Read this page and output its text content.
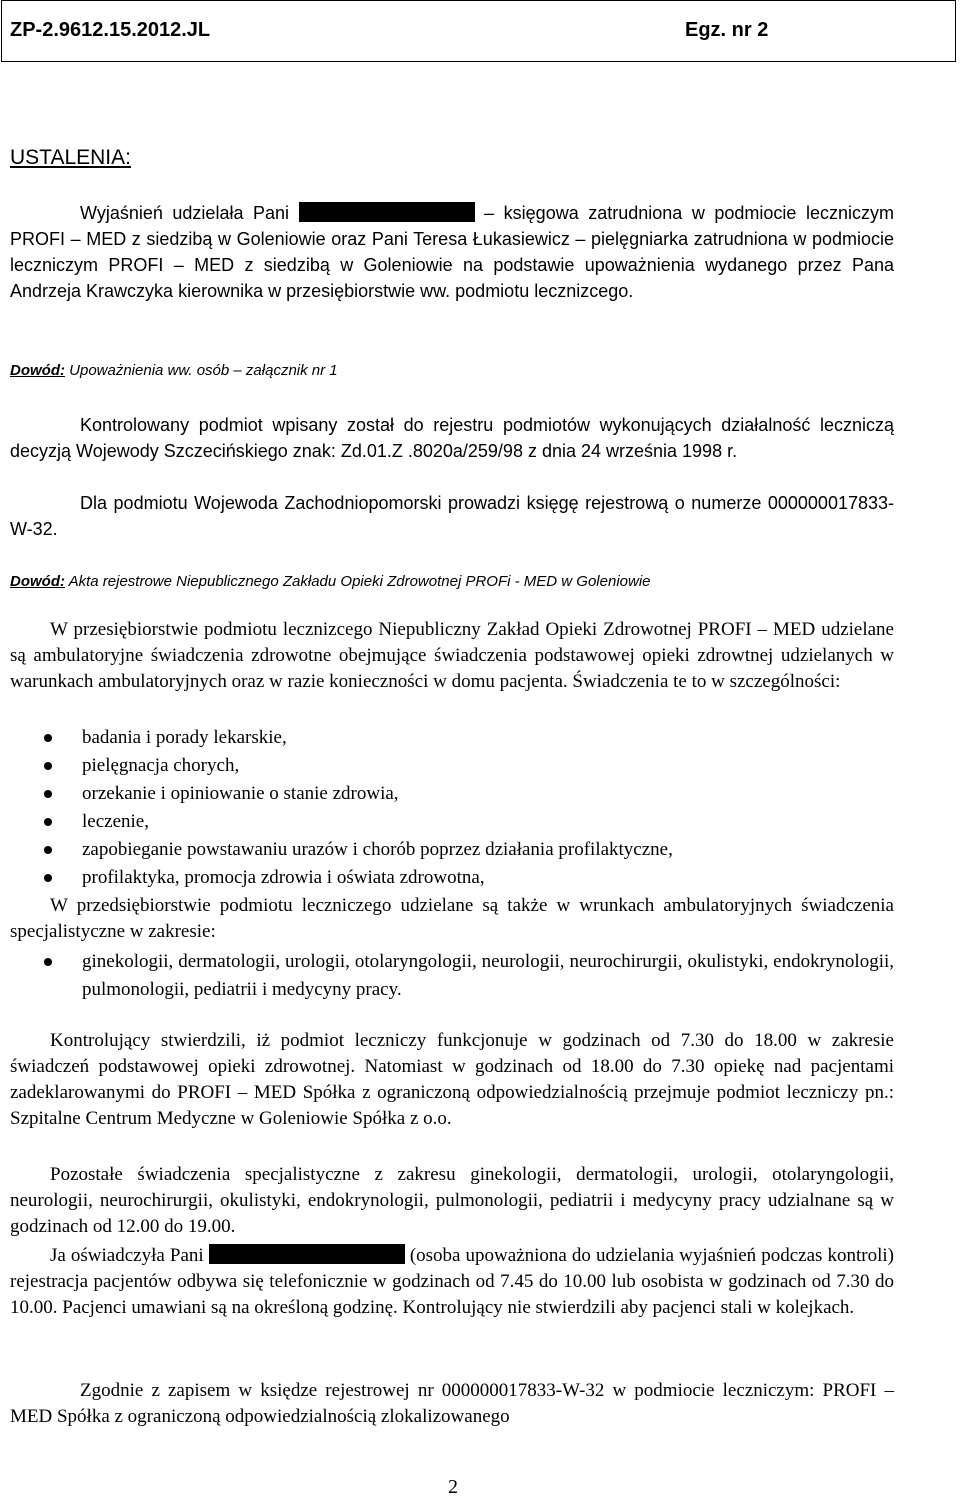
ZP-2.9612.15.2012.JL	Egz. nr 2
USTALENIA:
Wyjaśnień udzielała Pani	– księgowa zatrudniona w podmiocie leczniczym PROFI – MED z siedzibą w Goleniowie oraz Pani Teresa Łukasiewicz – pielęgniarka zatrudniona w podmiocie leczniczym PROFI – MED z siedzibą w Goleniowie na podstawie upoważnienia wydanego przez Pana Andrzeja Krawczyka kierownika w przesiębiorstwie ww. podmiotu lecznizcego.
Dowód: Upoważnienia ww. osób – załącznik nr 1
Kontrolowany podmiot wpisany został do rejestru podmiotów wykonujących działalność leczniczą decyzją Wojewody Szczecińskiego znak: Zd.01.Z .8020a/259/98 z dnia 24 września 1998 r.
Dla podmiotu Wojewoda Zachodniopomorski prowadzi księgę rejestrową o numerze 000000017833-W-32.
Dowód: Akta rejestrowe Niepublicznego Zakładu Opieki Zdrowotnej PROFi - MED w Goleniowie
W przesiębiorstwie podmiotu lecznizcego Niepubliczny Zakład Opieki Zdrowotnej PROFI – MED udzielane są ambulatoryjne świadczenia zdrowotne obejmujące świadczenia podstawowej opieki zdrowtnej udzielanych w warunkach ambulatoryjnych oraz w razie konieczności w domu pacjenta. Świadczenia te to w szczególności:
badania i porady lekarskie,
pielęgnacja chorych,
orzekanie i opiniowanie o stanie zdrowia,
leczenie,
zapobieganie powstawaniu urazów i chorób poprzez działania profilaktyczne,
profilaktyka, promocja zdrowia i oświata zdrowotna,
W przedsiębiorstwie podmiotu leczniczego udzielane są także w wrunkach ambulatoryjnych świadczenia specjalistyczne w zakresie:
ginekologii, dermatologii, urologii, otolaryngologii, neurologii, neurochirurgii, okulistyki, endokrynologii, pulmonologii, pediatrii i medycyny pracy.
Kontrolujący stwierdzili, iż podmiot leczniczy funkcjonuje w godzinach od 7.30 do 18.00 w zakresie świadczeń podstawowej opieki zdrowotnej. Natomiast w godzinach od 18.00 do 7.30 opiekę nad pacjentami zadeklarowanymi do PROFI – MED Spółka z ograniczoną odpowiedzialnością przejmuje podmiot leczniczy pn.: Szpitalne Centrum Medyczne w Goleniowie Spółka z o.o.
Pozostałe świadczenia specjalistyczne z zakresu ginekologii, dermatologii, urologii, otolaryngologii, neurologii, neurochirurgii, okulistyki, endokrynologii, pulmonologii, pediatrii i medycyny pracy udzialnane są w godzinach od 12.00 do 19.00.
Ja oświadczyła Pani	(osoba upoważniona do udzielania wyjaśnień podczas kontroli) rejestracja pacjentów odbywa się telefonicznie w godzinach od 7.45 do 10.00 lub osobista w godzinach od 7.30 do 10.00. Pacjenci umawiani są na określoną godzinę. Kontrolujący nie stwierdzili aby pacjenci stali w kolejkach.
Zgodnie z zapisem w księdze rejestrowej nr 000000017833-W-32 w podmiocie leczniczym: PROFI – MED Spółka z ograniczoną odpowiedzialnością zlokalizowanego
2
